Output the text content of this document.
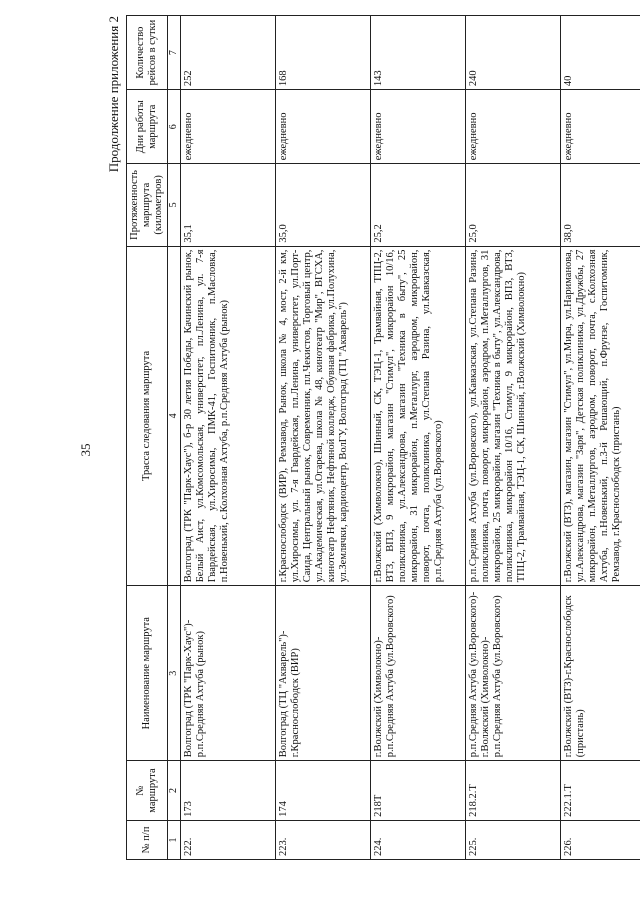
35
Продолжение приложения 2
№ п/п	№ маршрута	Наименование маршрута	Трасса следования маршрута	Протяженность маршрута (километров)	Дни работы маршрута	Количество рейсов в сутки
1	2	3	4	5	6	7
222.	173	Волгоград (ТРК "Парк-Хаус")-р.п.Средняя Ахтуба (рынок)	Волгоград (ТРК "Парк-Хаус"), б-р 30 летия Победы, Качинский рынок, Белый Аист, ул.Комсомольская, университет, пл.Ленина, ул. 7-я Гвардейская, ул.Хиросимы, ПМК-41, Госпитомник, п.Масловка, п.Новенький, с.Колхозная Ахтуба, р.п.Средняя Ахтуба (рынок)	35,1	ежедневно	252
223.	174	Волгоград (ТЦ "Акварель")-г.Краснослободск (ВИР)	г.Краснослободск (ВИР), Ремзавод, Рынок, школа № 4, мост, 2-й км, ул.Хиросимы, ул. 7-я Гвардейская, пл.Ленина, университет, ул.Порт-Саида, Центральный рынок, Современник, пл.Чекистов, Торговый центр, ул.Академическая, ул.Огарева, школа № 48, кинотеатр "Мир", ВГСХА, кинотеатр Нефтяник, Нефтяной колледж, Обувная фабрика, ул.Полухина, ул.Землячки, кардиоцентр, ВолГУ, Волгоград (ТЦ "Акварель")	35,0	ежедневно	168
224.	218Т	г.Волжский (Химволокно)-р.п.Средняя Ахтуба (ул.Воровского)	г.Волжский (Химволокно), Шинный, СК, ТЭЦ-1, Трамвайная, ТПЦ-2, ВТЗ, ВПЗ, 9 микрорайон, магазин "Стимул", микрорайон 10/16, поликлиника, ул.Александрова, магазин "Техника в быту", 25 микрорайон, 31 микрорайон, п.Металлург, аэродром, микрорайон, поворот, почта, поликлиника, ул.Степана Разина, ул.Кавказская, р.п.Средняя Ахтуба (ул.Воровского)	25,2	ежедневно	143
225.	218.2.Т	р.п.Средняя Ахтуба (ул.Воровского)-г.Волжский (Химволокно)-р.п.Средняя Ахтуба (ул.Воровского)	р.п.Средняя Ахтуба (ул.Воровского), ул.Кавказская, ул.Степана Разина, поликлиника, почта, поворот, микрорайон, аэродром, п.Металлургов, 31 микрорайон, 25 микрорайон, магазин "Техника в быту", ул.Александрова, поликлиника, микрорайон 10/16, Стимул, 9 микрорайон, ВПЗ, ВТЗ, ТПЦ-2, Трамвайная, ТЭЦ-1, СК, Шинный, г.Волжский (Химволокно)	25,0	ежедневно	240
226.	222.1.Т	г.Волжский (ВТЗ)-г.Краснослободск (пристань)	г.Волжский (ВТЗ), магазин, магазин "Стимул", ул.Мира, ул.Нариманова, ул.Александрова, магазин "Заря", Детская поликлиника, ул.Дружбы, 27 микрорайон, п.Металлургов, аэродром, поворот, почта, с.Колхозная Ахтуба, п.Новенький, п.3-й Решающий, п.Фрунзе, Госпитомник, Ремзавод, г.Краснослободск (пристань)	38,0	ежедневно	40
